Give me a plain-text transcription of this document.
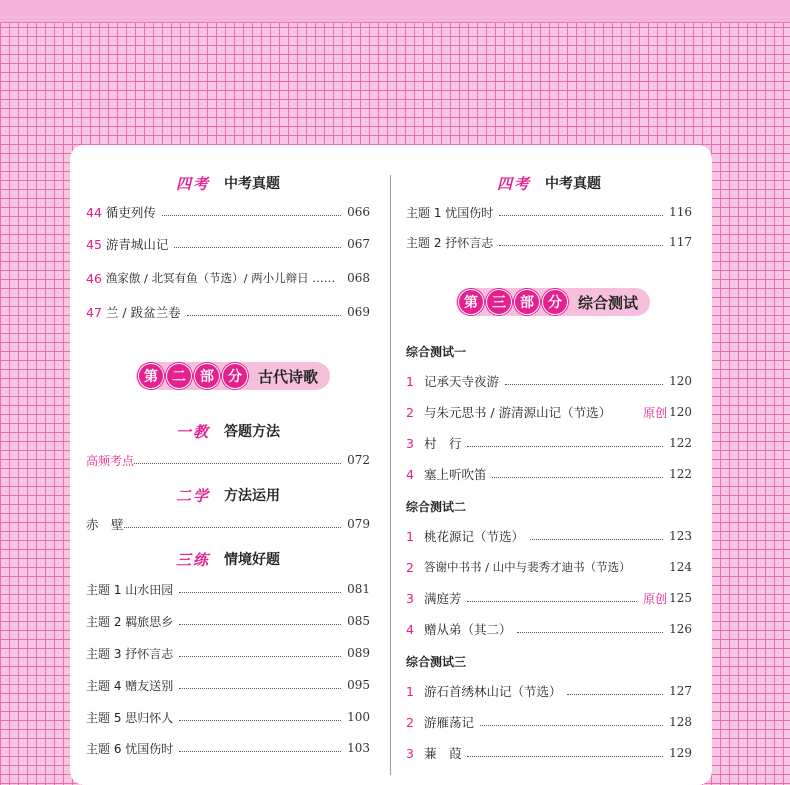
四考 中考真题
44 循吏列传	066
45 游青城山记	067
46 渔家傲 / 北冥有鱼（节选）/ 两小儿辩日 …… 068
47 兰 / 跋盆兰卷	069
第	二	部	分	古代诗歌
一教 答题方法
高频考点	072
二学 方法运用
赤　壁	079
三练 情境好题
主题 1 山水田园	081
主题 2 羁旅思乡	085
主题 3 抒怀言志	089
主题 4 赠友送别	095
主题 5 思归怀人	100
主题 6 忧国伤时	103
四考 中考真题
主题 1 忧国伤时	116
主题 2 抒怀言志	117
第	三	部	分	综合测试
综合测试一
1 记承天寺夜游	120
2 与朱元思书 / 游清源山记（节选）	原创 120
3 村　行	122
4 塞上听吹笛	122
综合测试二
1 桃花源记（节选）	123
2 答谢中书书 / 山中与裴秀才迪书（节选）	124
3 满庭芳	原创 125
4 赠从弟（其二）	126
综合测试三
1 游石首绣林山记（节选）	127
2 游雁荡记	128
3 蒹　葭	129
